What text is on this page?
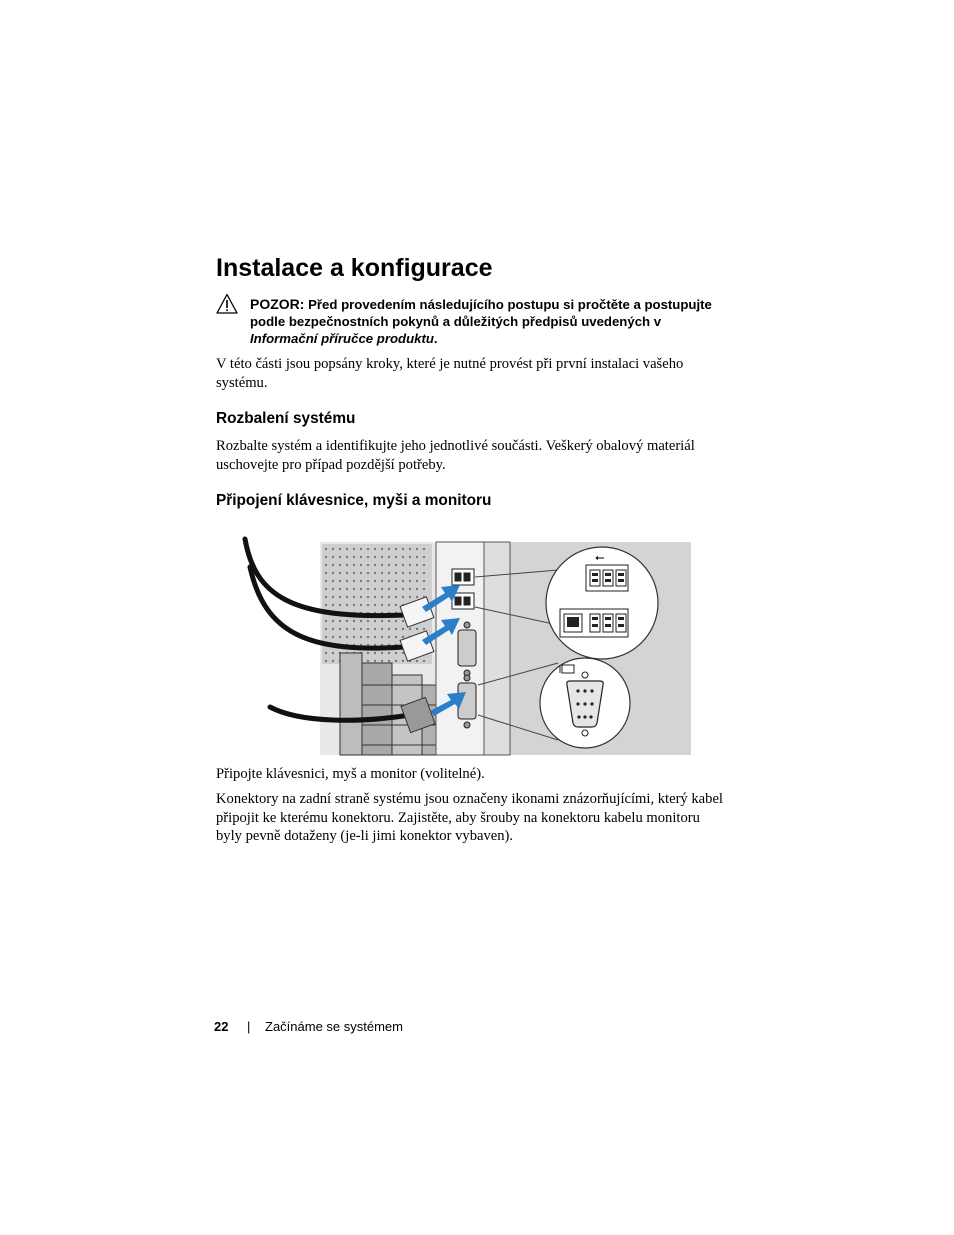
Instalace a konfigurace

POZOR: Před provedením následujícího postupu si pročtěte a postupujte podle bezpečnostních pokynů a důležitých předpisů uvedených v Informační příručce produktu.

V této části jsou popsány kroky, které je nutné provést při první instalaci vašeho systému.

Rozbalení systému

Rozbalte systém a identifikujte jeho jednotlivé součásti. Veškerý obalový materiál uschovejte pro případ pozdější potřeby.

Připojení klávesnice, myši a monitoru
⭠

Připojte klávesnici, myš a monitor (volitelné).

Konektory na zadní straně systému jsou označeny ikonami znázorňujícími, který kabel připojit ke kterému konektoru. Zajistěte, aby šrouby na konektoru kabelu monitoru byly pevně dotaženy (je-li jimi konektor vybaven).

22 | Začínáme se systémem
